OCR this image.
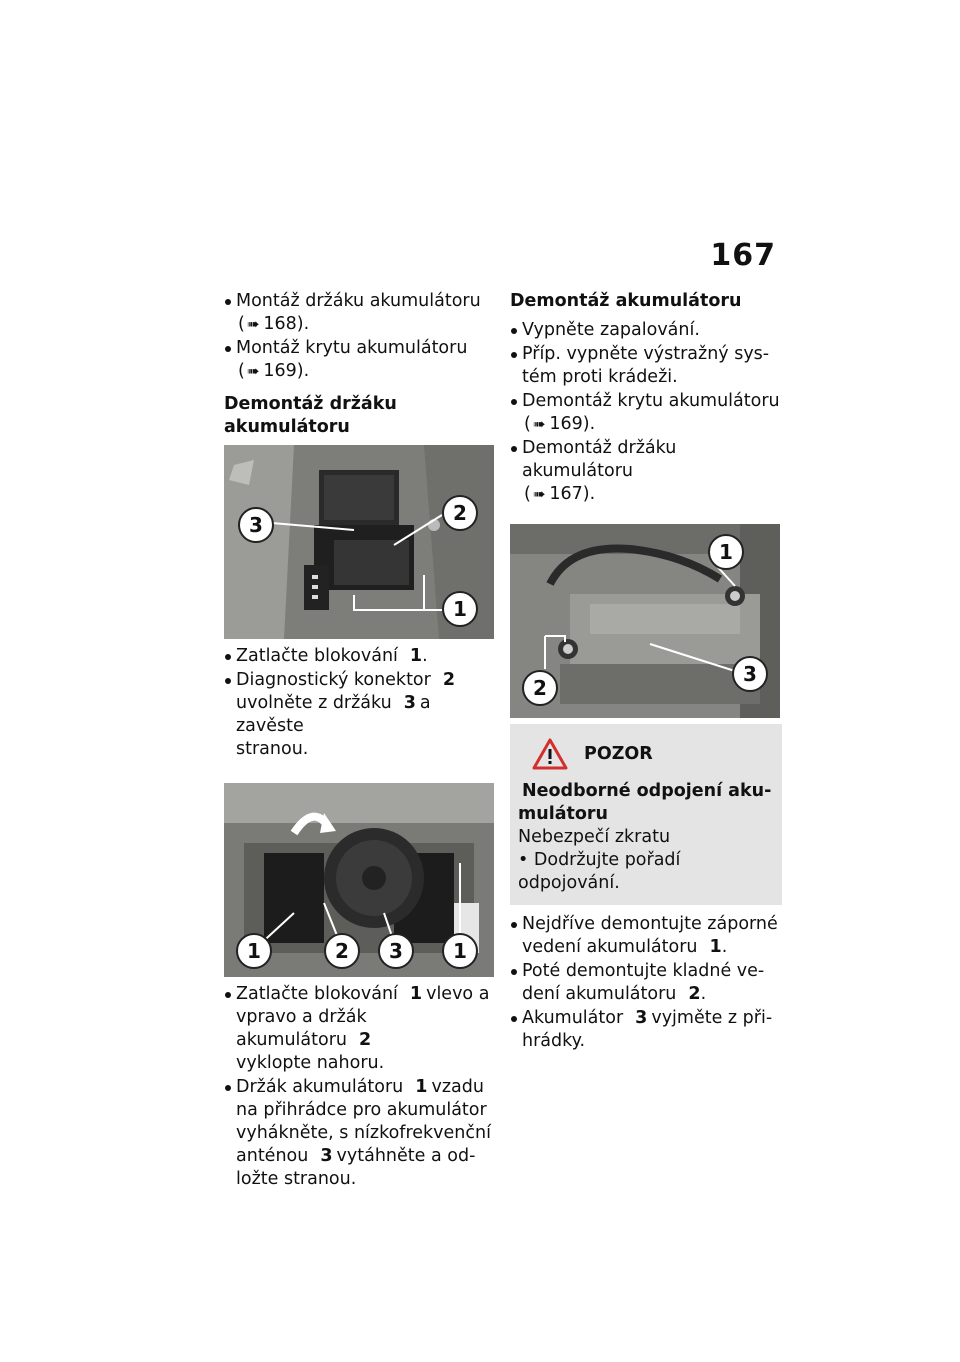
167
Montáž držáku akumulátoru
( ➠ 168).
Montáž krytu akumulátoru
( ➠ 169).
Demontáž držáku
akumulátoru
3	2
1
Zatlačte blokování 1.
Diagnostický konektor 2
uvolněte z držáku 3 a zavěste
stranou.
1	2	3	1
Zatlačte blokování 1 vlevo a
vpravo a držák akumulátoru 2
vyklopte nahoru.
Držák akumulátoru 1 vzadu
na přihrádce pro akumulátor
vyhákněte, s nízkofrekvenční
anténou 3 vytáhněte a od-
ložte stranou.
Demontáž akumulátoru
Vypněte zapalování.
Příp. vypněte výstražný sys-
tém proti krádeži.
Demontáž krytu akumulátoru
( ➠ 169).
Demontáž držáku akumulátoru
( ➠ 167).
1
2
3
POZOR
Neodborné odpojení aku-
mulátoru
Nebezpečí zkratu
• Dodržujte pořadí odpojování.
Nejdříve demontujte záporné
vedení akumulátoru 1.
Poté demontujte kladné ve-
dení akumulátoru 2.
Akumulátor 3 vyjměte z při-
hrádky.
